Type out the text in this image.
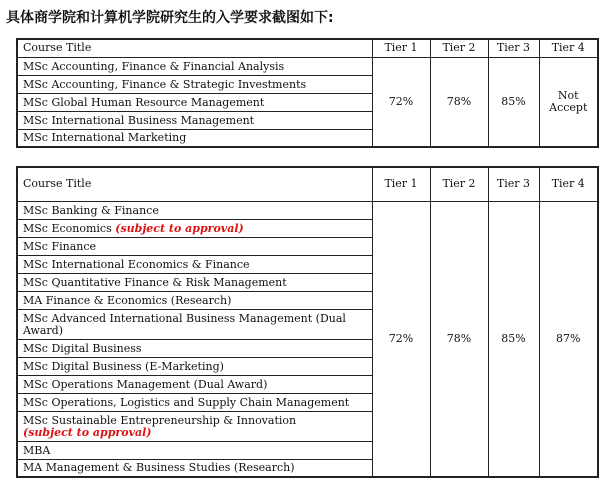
具体商学院和计算机学院研究生的入学要求截图如下:
Course Title	Tier 1	Tier 2	Tier 3	Tier 4
MSc Accounting, Finance & Financial Analysis	72%	78%	85%	Not Accept
MSc Accounting, Finance & Strategic Investments				
MSc Global Human Resource Management				
MSc International Business Management				
MSc International Marketing				
Course Title	Tier 1	Tier 2	Tier 3	Tier 4
MSc Banking & Finance	72%	78%	85%	87%
MSc Economics (subject to approval)				
MSc Finance				
MSc International Economics & Finance				
MSc Quantitative Finance & Risk Management				
MA Finance & Economics (Research)				
MSc Advanced International Business Management (Dual Award)				
MSc Digital Business				
MSc Digital Business (E-Marketing)				
MSc Operations Management (Dual Award)				
MSc Operations, Logistics and Supply Chain Management				

MSc Sustainable Entrepreneurship & Innovation
(subject to approval)				

MBA				
MA Management & Business Studies (Research)				
